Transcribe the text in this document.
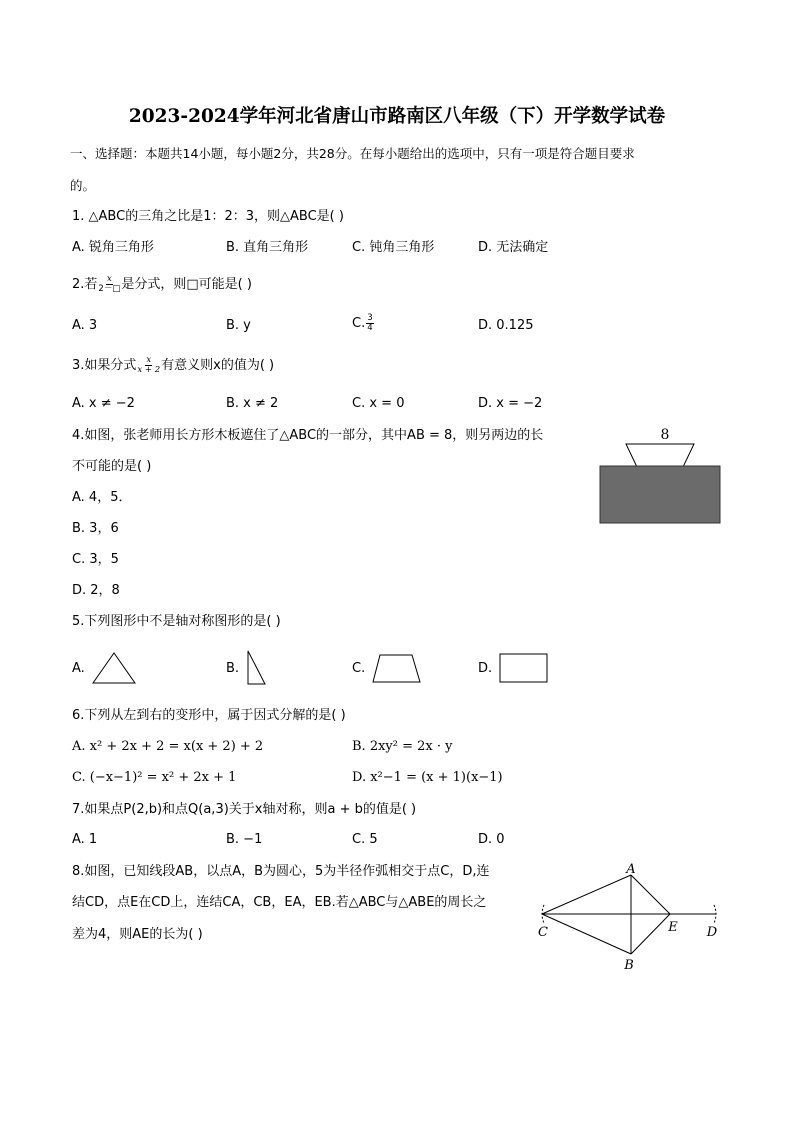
2023-2024学年河北省唐山市路南区八年级（下）开学数学试卷
一、选择题：本题共14小题，每小题2分，共28分。在每小题给出的选项中，只有一项是符合题目要求
的。
1. △ABC的三角之比是1：2：3，则△ABC是( )
A. 锐角三角形	B. 直角三角形	C. 钝角三角形	D. 无法确定
2.若 $\frac{x}{2-□}$ 是分式，则□可能是( )
A. 3	B. y	C. $\frac{3}{4}$	D. 0.125
3.如果分式 $\frac{x}{x + 2}$ 有意义则x的值为( )
A. x ≠ −2	B. x ≠ 2	C. x = 0	D. x = −2
4.如图，张老师用长方形木板遮住了△ABC的一部分，其中AB = 8，则另两边的长
不可能的是( )
A. 4，5．
B. 3，6
C. 3，5
D. 2，8
8
5.下列图形中不是轴对称图形的是( )
A.	B.	C.	D.
6.下列从左到右的变形中，属于因式分解的是( )
A. x² + 2x + 2 = x(x + 2) + 2	B. 2xy² = 2x · y
C. (−x−1)² = x² + 2x + 1	D. x²−1 = (x + 1)(x−1)
7.如果点P(2,b)和点Q(a,3)关于x轴对称，则a + b的值是( )
A. 1	B. −1	C. 5	D. 0
8.如图，已知线段AB，以点A，B为圆心，5为半径作弧相交于点C，D,连
结CD，点E在CD上，连结CA，CB，EA，EB.若△ABC与△ABE的周长之
差为4，则AE的长为( )
A
B
C	D
E
